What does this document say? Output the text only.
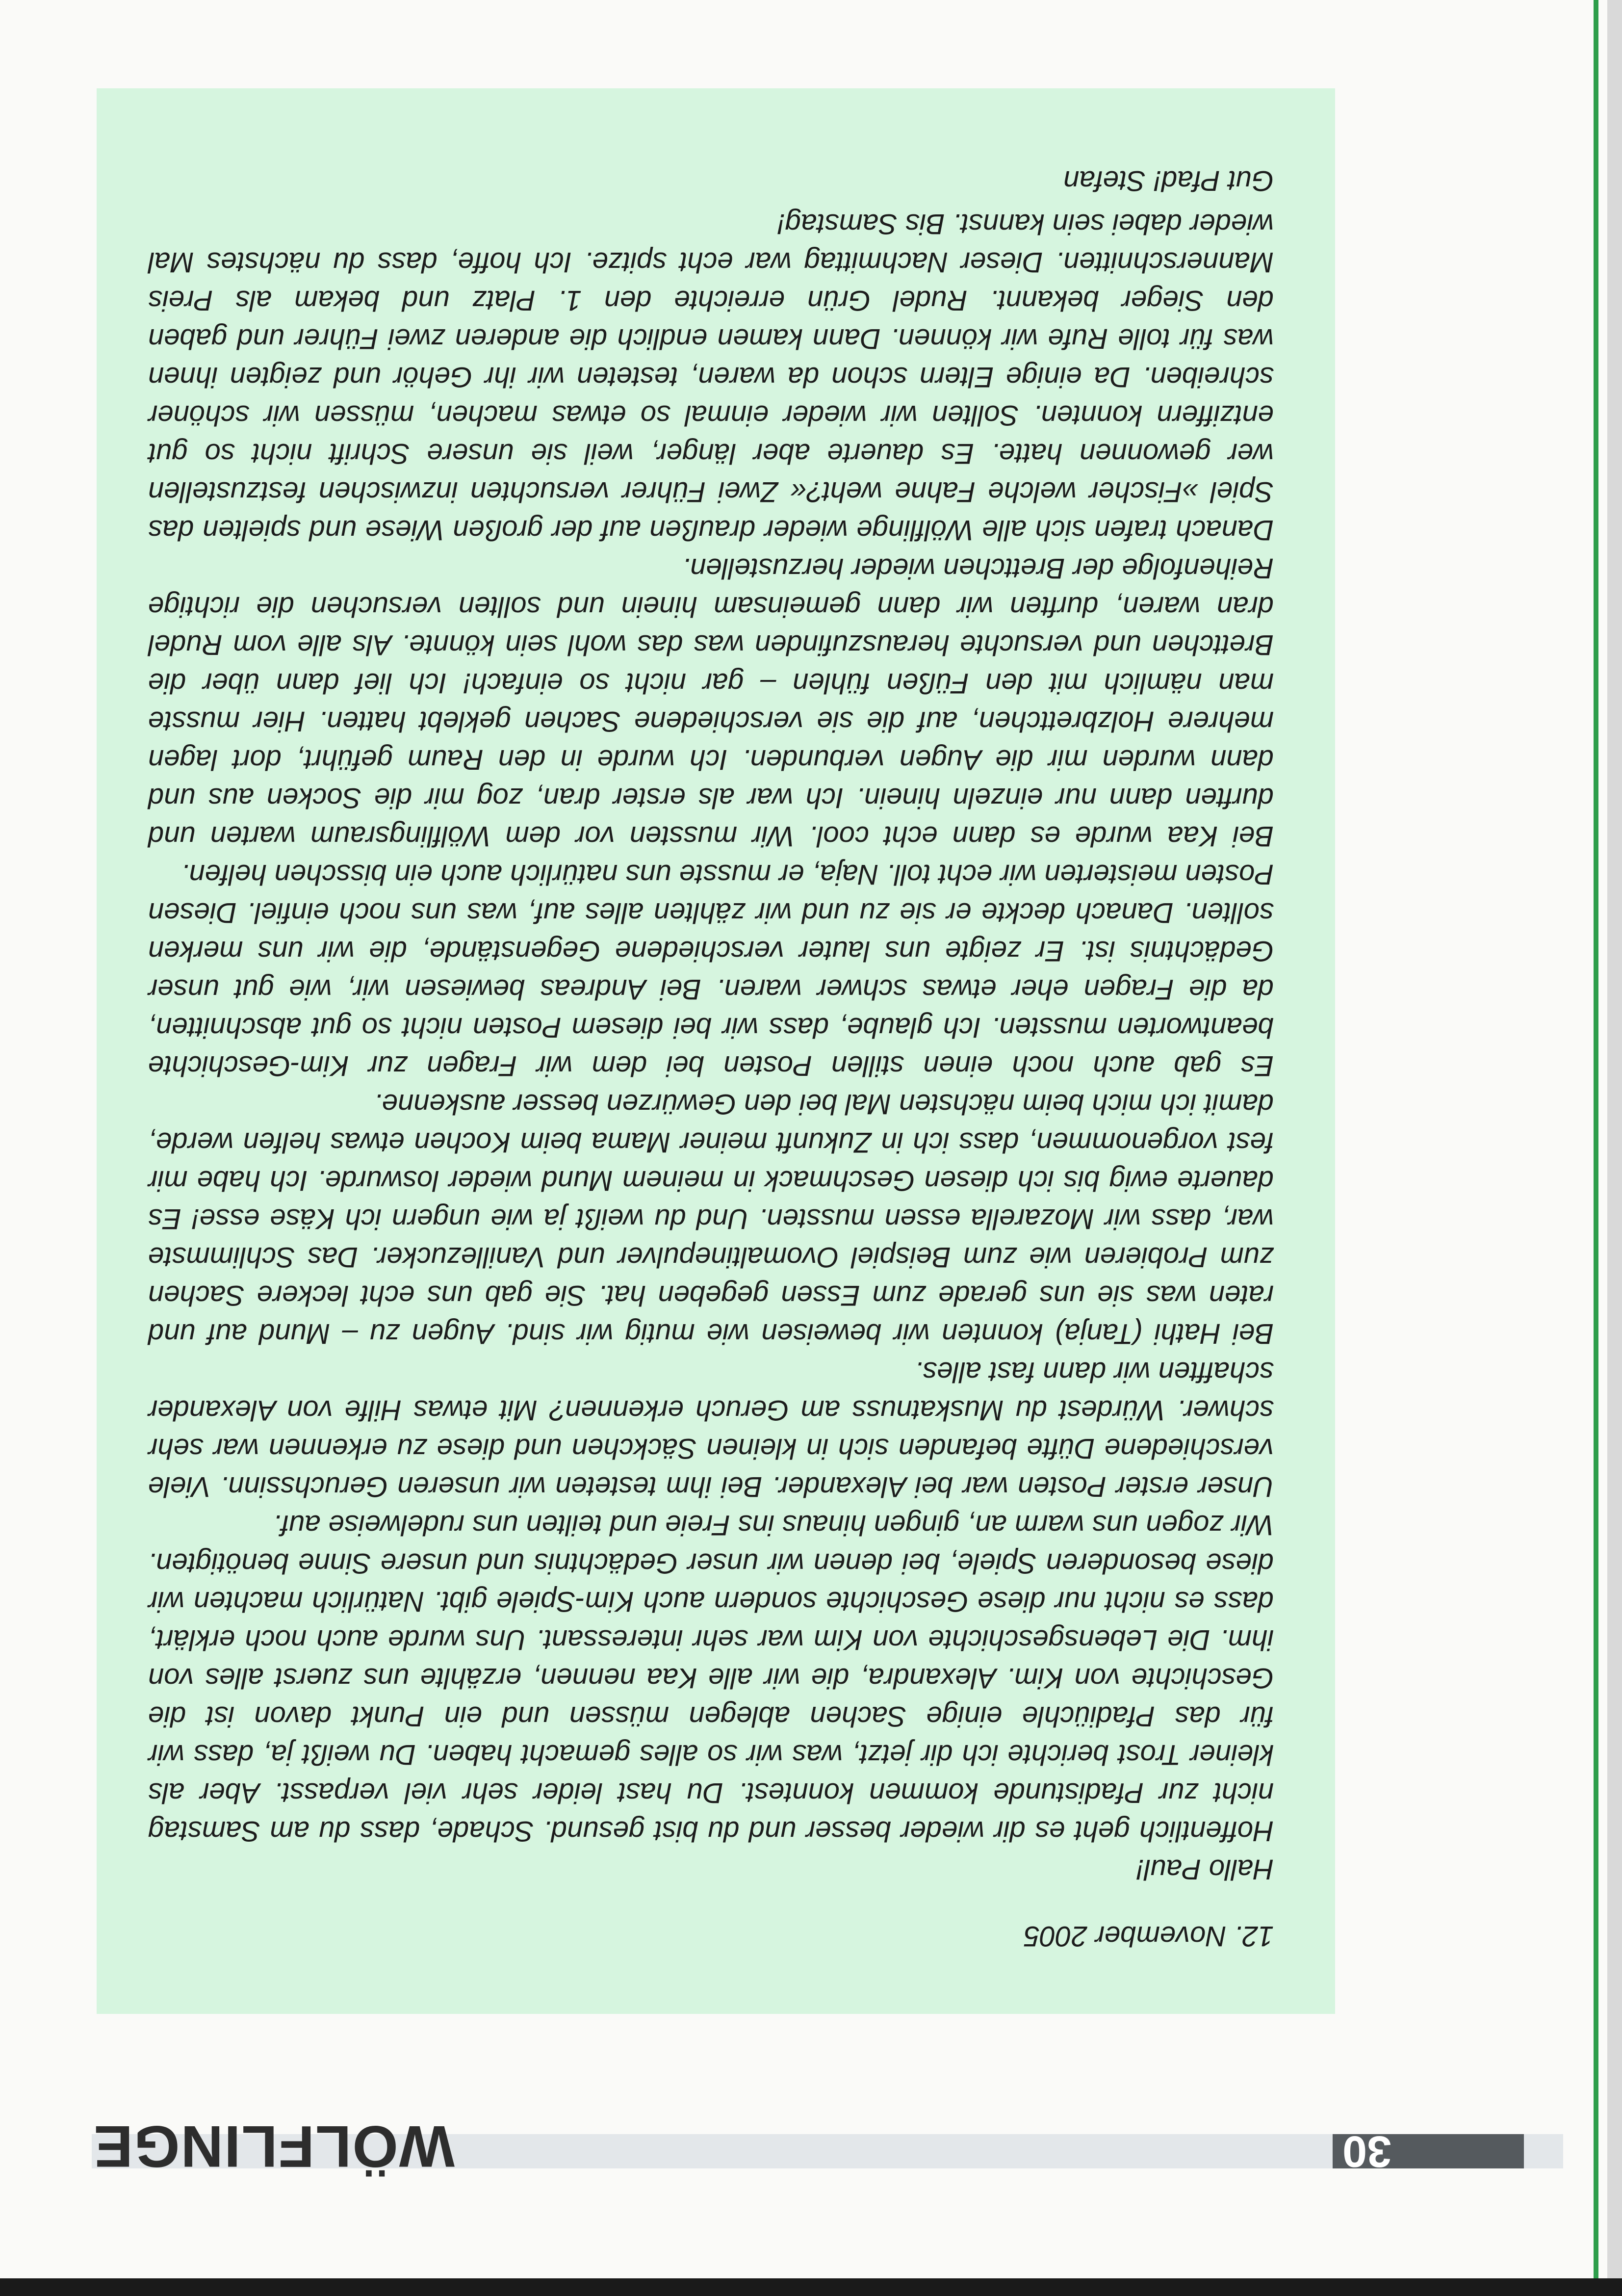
30
WÖLFLINGE
12. November 2005
Hallo Paul!

Hoffentlich geht es dir wieder besser und du bist gesund. Schade, dass du am Samstag nicht zur Pfadistunde kommen konntest. Du hast leider sehr viel verpasst. Aber als kleiner Trost berichte ich dir jetzt, was wir so alles gemacht haben. Du weißt ja, dass wir für das Pfadiüchle einige Sachen ablegen müssen und ein Punkt davon ist die Geschichte von Kim. Alexandra, die wir alle Kaa nennen, erzählte uns zuerst alles von ihm. Die Lebensgeschichte von Kim war sehr interessant. Uns wurde auch noch erklärt, dass es nicht nur diese Geschichte sondern auch Kim-Spiele gibt. Natürlich machten wir diese besonderen Spiele, bei denen wir unser Gedächtnis und unsere Sinne benötigten. Wir zogen uns warm an, gingen hinaus ins Freie und teilten uns rudelweise auf.

Unser erster Posten war bei Alexander. Bei ihm testeten wir unseren Geruchssinn. Viele verschiedene Düfte befanden sich in kleinen Säckchen und diese zu erkennen war sehr schwer. Würdest du Muskatnuss am Geruch erkennen? Mit etwas Hilfe von Alexander schafften wir dann fast alles.

Bei Hathi (Tanja) konnten wir beweisen wie mutig wir sind. Augen zu – Mund auf und raten was sie uns gerade zum Essen gegeben hat. Sie gab uns echt leckere Sachen zum Probieren wie zum Beispiel Ovomaltinepulver und Vanillezucker. Das Schlimmste war, dass wir Mozarella essen mussten. Und du weißt ja wie ungern ich Käse esse! Es dauerte ewig bis ich diesen Geschmack in meinem Mund wieder loswurde. Ich habe mir fest vorgenommen, dass ich in Zukunft meiner Mama beim Kochen etwas helfen werde, damit ich mich beim nächsten Mal bei den Gewürzen besser auskenne.

Es gab auch noch einen stillen Posten bei dem wir Fragen zur Kim-Geschichte beantworten mussten. Ich glaube, dass wir bei diesem Posten nicht so gut abschnitten, da die Fragen eher etwas schwer waren. Bei Andreas bewiesen wir, wie gut unser Gedächtnis ist. Er zeigte uns lauter verschiedene Gegenstände, die wir uns merken sollten. Danach deckte er sie zu und wir zählten alles auf, was uns noch einfiel. Diesen Posten meisterten wir echt toll. Naja, er musste uns natürlich auch ein bisschen helfen.

Bei Kaa wurde es dann echt cool. Wir mussten vor dem Wölflingsraum warten und durften dann nur einzeln hinein. Ich war als erster dran, zog mir die Socken aus und dann wurden mir die Augen verbunden. Ich wurde in den Raum geführt, dort lagen mehrere Holzbrettchen, auf die sie verschiedene Sachen geklebt hatten. Hier musste man nämlich mit den Füßen fühlen – gar nicht so einfach! Ich lief dann über die Brettchen und versuchte herauszufinden was das wohl sein könnte. Als alle vom Rudel dran waren, durften wir dann gemeinsam hinein und sollten versuchen die richtige Reihenfolge der Brettchen wieder herzustellen.

Danach trafen sich alle Wölflinge wieder draußen auf der großen Wiese und spielten das Spiel »Fischer welche Fahne weht?« Zwei Führer versuchten inzwischen festzustellen wer gewonnen hatte. Es dauerte aber länger, weil sie unsere Schrift nicht so gut entziffern konnten. Sollten wir wieder einmal so etwas machen, müssen wir schöner schreiben. Da einige Eltern schon da waren, testeten wir ihr Gehör und zeigten ihnen was für tolle Rufe wir können. Dann kamen endlich die anderen zwei Führer und gaben den Sieger bekannt. Rudel Grün erreichte den 1. Platz und bekam als Preis Mannerschnitten. Dieser Nachmittag war echt spitze. Ich hoffe, dass du nächstes Mal wieder dabei sein kannst. Bis Samstag!

Gut Pfad! Stefan
